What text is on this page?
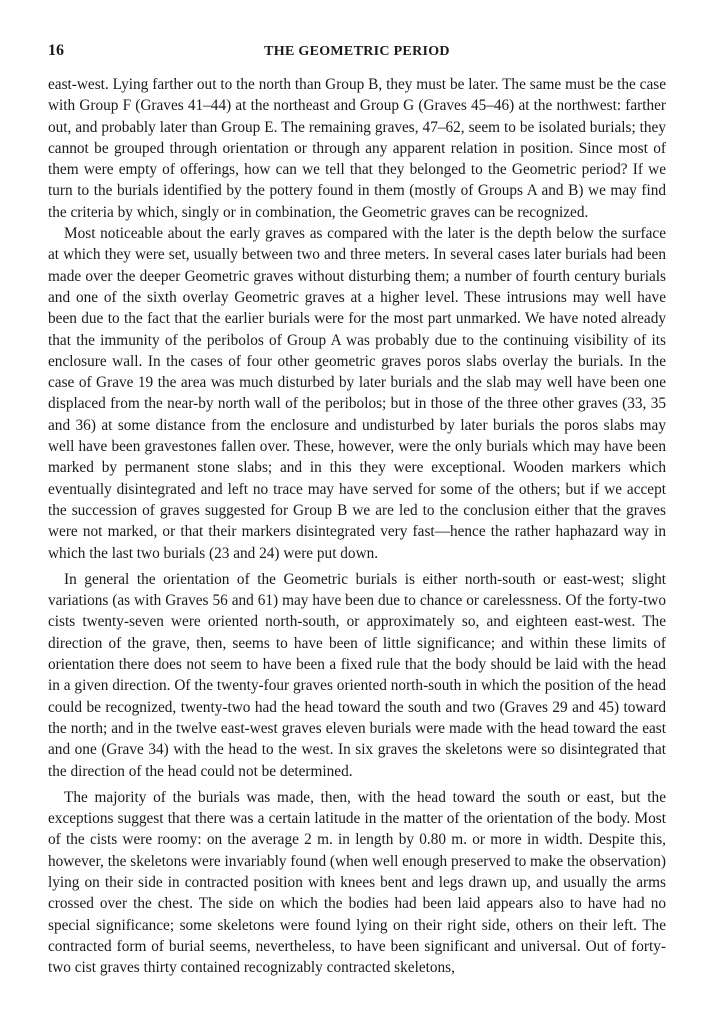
16	THE GEOMETRIC PERIOD

east-west. Lying farther out to the north than Group B, they must be later. The same must be the case with Group F (Graves 41–44) at the northeast and Group G (Graves 45–46) at the northwest: farther out, and probably later than Group E. The remaining graves, 47–62, seem to be isolated burials; they cannot be grouped through orientation or through any apparent relation in position. Since most of them were empty of offerings, how can we tell that they belonged to the Geometric period? If we turn to the burials identified by the pottery found in them (mostly of Groups A and B) we may find the criteria by which, singly or in combination, the Geometric graves can be recognized.

Most noticeable about the early graves as compared with the later is the depth below the surface at which they were set, usually between two and three meters. In several cases later burials had been made over the deeper Geometric graves without disturbing them; a number of fourth century burials and one of the sixth overlay Geometric graves at a higher level. These intrusions may well have been due to the fact that the earlier burials were for the most part unmarked. We have noted already that the immunity of the peribolos of Group A was probably due to the continuing visibility of its enclosure wall. In the cases of four other geometric graves poros slabs overlay the burials. In the case of Grave 19 the area was much disturbed by later burials and the slab may well have been one displaced from the near-by north wall of the peribolos; but in those of the three other graves (33, 35 and 36) at some distance from the enclosure and undisturbed by later burials the poros slabs may well have been gravestones fallen over. These, however, were the only burials which may have been marked by permanent stone slabs; and in this they were exceptional. Wooden markers which eventually disintegrated and left no trace may have served for some of the others; but if we accept the succession of graves suggested for Group B we are led to the conclusion either that the graves were not marked, or that their markers disintegrated very fast—hence the rather haphazard way in which the last two burials (23 and 24) were put down.

In general the orientation of the Geometric burials is either north-south or east-west; slight variations (as with Graves 56 and 61) may have been due to chance or carelessness. Of the forty-two cists twenty-seven were oriented north-south, or approximately so, and eighteen east-west. The direction of the grave, then, seems to have been of little significance; and within these limits of orientation there does not seem to have been a fixed rule that the body should be laid with the head in a given direction. Of the twenty-four graves oriented north-south in which the position of the head could be recognized, twenty-two had the head toward the south and two (Graves 29 and 45) toward the north; and in the twelve east-west graves eleven burials were made with the head toward the east and one (Grave 34) with the head to the west. In six graves the skeletons were so disintegrated that the direction of the head could not be determined.

The majority of the burials was made, then, with the head toward the south or east, but the exceptions suggest that there was a certain latitude in the matter of the orientation of the body. Most of the cists were roomy: on the average 2 m. in length by 0.80 m. or more in width. Despite this, however, the skeletons were invariably found (when well enough preserved to make the observation) lying on their side in contracted position with knees bent and legs drawn up, and usually the arms crossed over the chest. The side on which the bodies had been laid appears also to have had no special significance; some skeletons were found lying on their right side, others on their left. The contracted form of burial seems, nevertheless, to have been significant and universal. Out of forty-two cist graves thirty contained recognizably contracted skeletons,
